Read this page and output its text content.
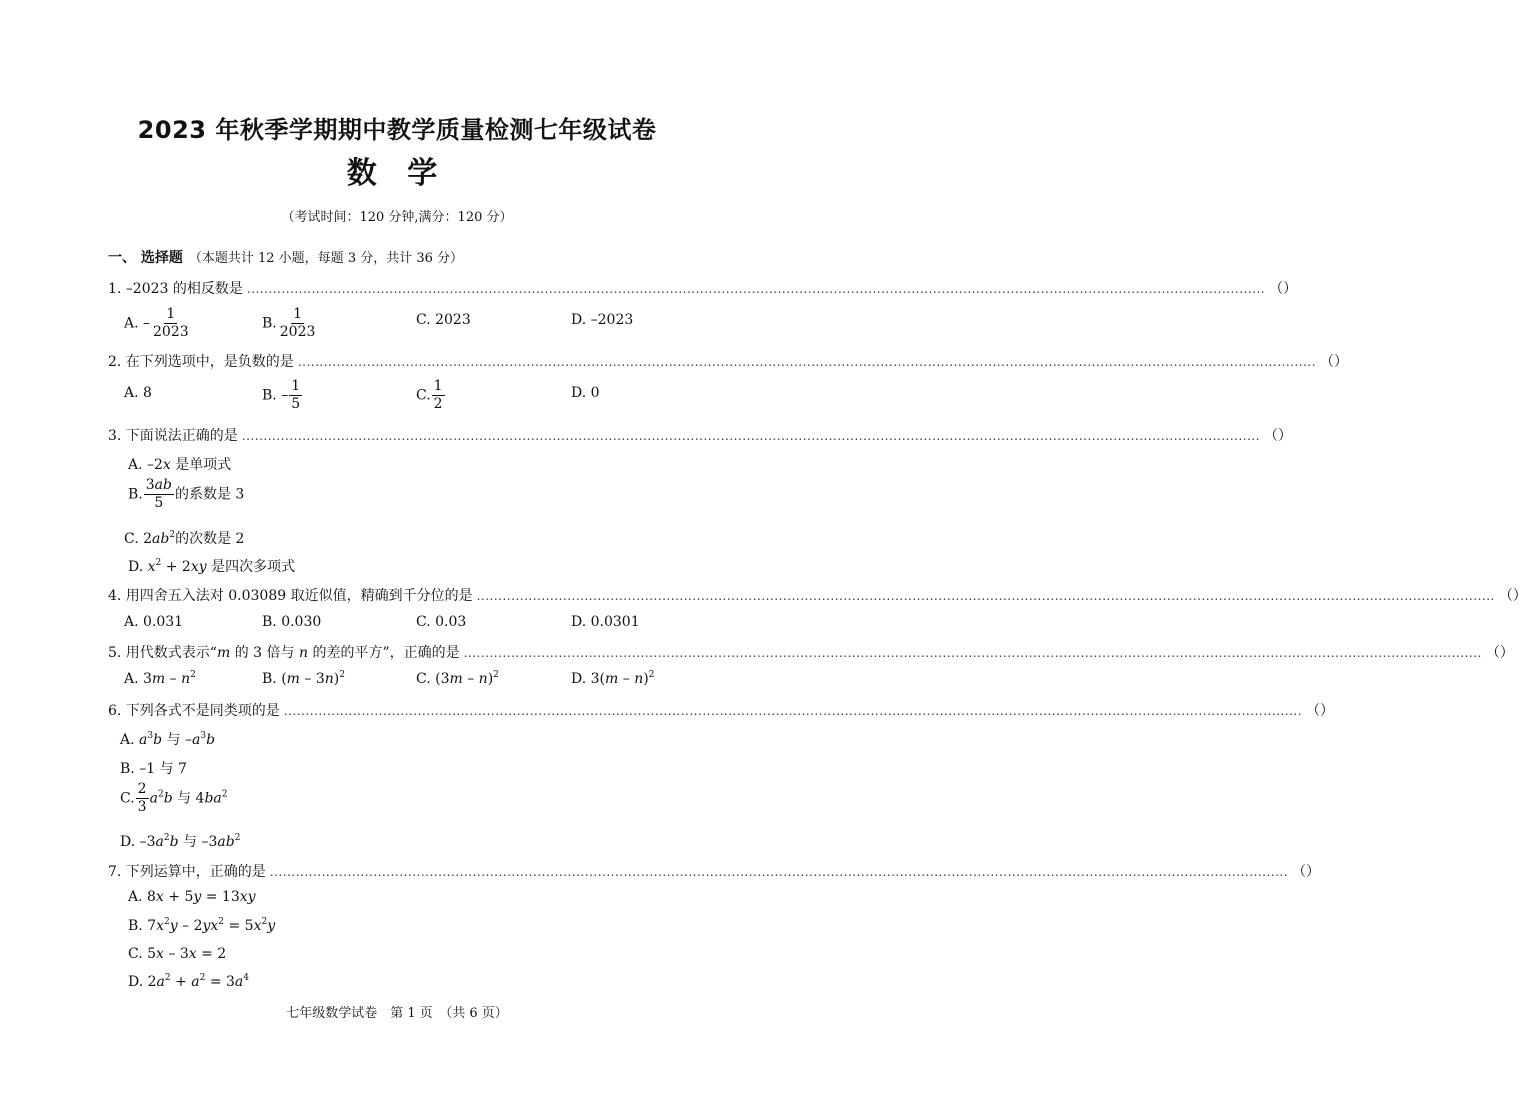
2023 年秋季学期期中教学质量检测七年级试卷
数 学
（考试时间：120 分钟,满分：120 分）
一、 选择题 （本题共计 12 小题，每题 3 分，共计 36 分）
1. –2023 的相反数是 ............................................................................................................................................................................................................................................ （ ）
A. – $\frac{1}{2023}$	B. $\frac{1}{2023}$	C. 2023	D. –2023
2. 在下列选项中，是负数的是 ............................................................................................................................................................................................................................................ （ ）
A. 8	B. – $\frac{1}{5}$	C. $\frac{1}{2}$	D. 0
3. 下面说法正确的是 ............................................................................................................................................................................................................................................ （ ）
A. –2x 是单项式
B. $\frac{3ab}{5}$ 的系数是 3
C. $2ab^2$的次数是 2
D. $x^2 + 2xy$ 是四次多项式
4. 用四舍五入法对 0.03089 取近似值，精确到千分位的是 ............................................................................................................................................................................................................................................ （ ）
A. 0.031	B. 0.030	C. 0.03	D. 0.0301
5. 用代数式表示“m 的 3 倍与 n 的差的平方”，正确的是 ............................................................................................................................................................................................................................................ （ ）
A. $3m - n^2$	B. (m – 3n)$^2$	C. (3m – n)$^2$	D. 3(m – n)$^2$
6. 下列各式不是同类项的是 ............................................................................................................................................................................................................................................ （ ）
A. $a^3b$ 与 $-a^3b$
B. –1 与 7
C. $\frac{2}{3} a^2b$ 与 $4ba^2$
D. $-3a^2b$ 与 $-3ab^2$
7. 下列运算中，正确的是 ............................................................................................................................................................................................................................................ （ ）
A. 8x + 5y = 13xy
B. $7x^2y - 2yx^2 = 5x^2y$
C. 5x – 3x = 2
D. $2a^2 + a^2 = 3a^4$
七年级数学试卷　第 1 页　（共 6 页）
